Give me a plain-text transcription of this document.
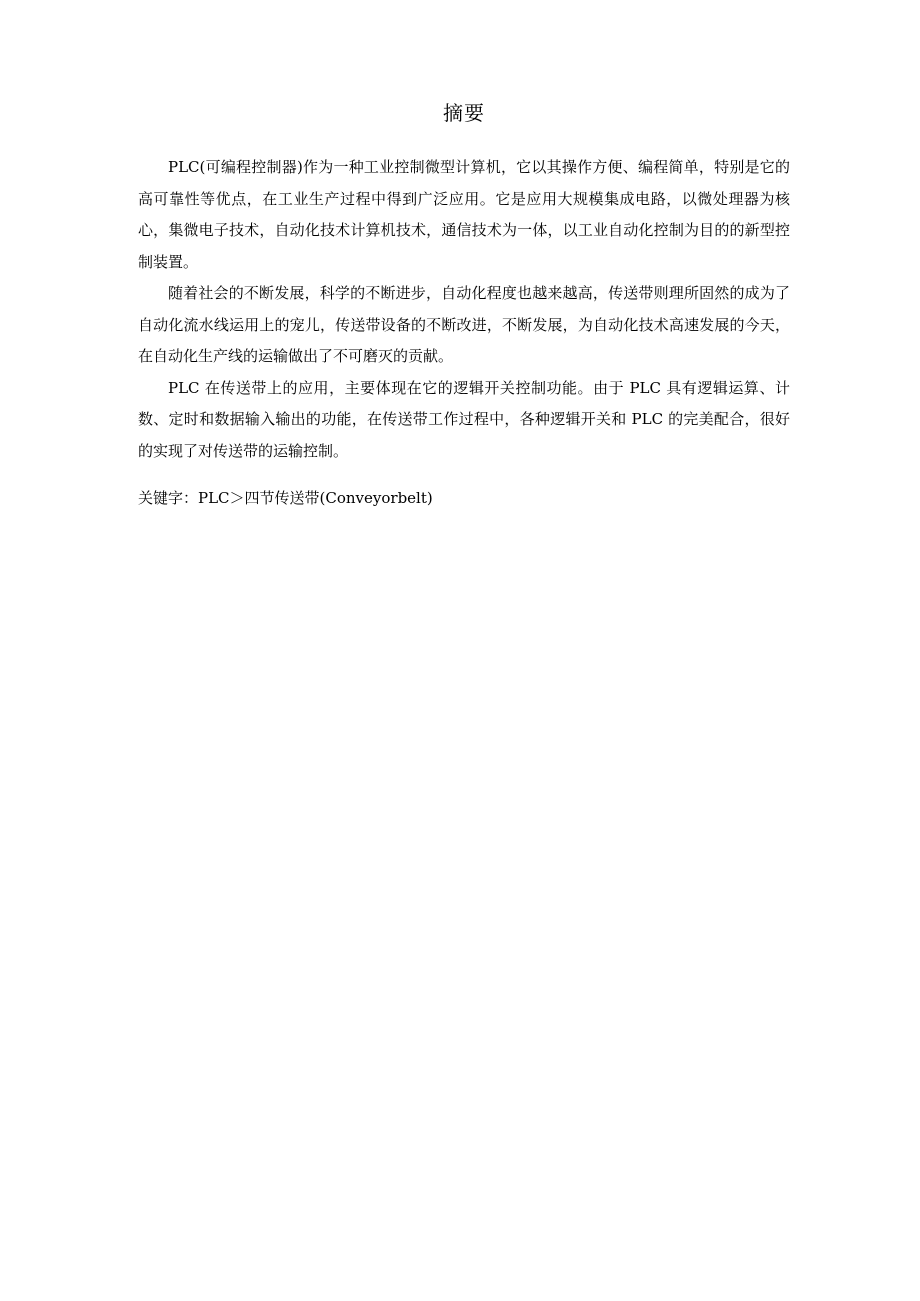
摘要

PLC(可编程控制器)作为一种工业控制微型计算机，它以其操作方便、编程简单，特别是它的高可靠性等优点，在工业生产过程中得到广泛应用。它是应用大规模集成电路，以微处理器为核心，集微电子技术，自动化技术计算机技术，通信技术为一体，以工业自动化控制为目的的新型控制装置。

随着社会的不断发展，科学的不断进步，自动化程度也越来越高，传送带则理所固然的成为了自动化流水线运用上的宠儿，传送带设备的不断改进，不断发展，为自动化技术高速发展的今天，在自动化生产线的运输做出了不可磨灭的贡献。

PLC 在传送带上的应用，主要体现在它的逻辑开关控制功能。由于 PLC 具有逻辑运算、计数、定时和数据输入输出的功能，在传送带工作过程中，各种逻辑开关和 PLC 的完美配合，很好的实现了对传送带的运输控制。

关键字：PLC＞四节传送带(Conveyorbelt)
